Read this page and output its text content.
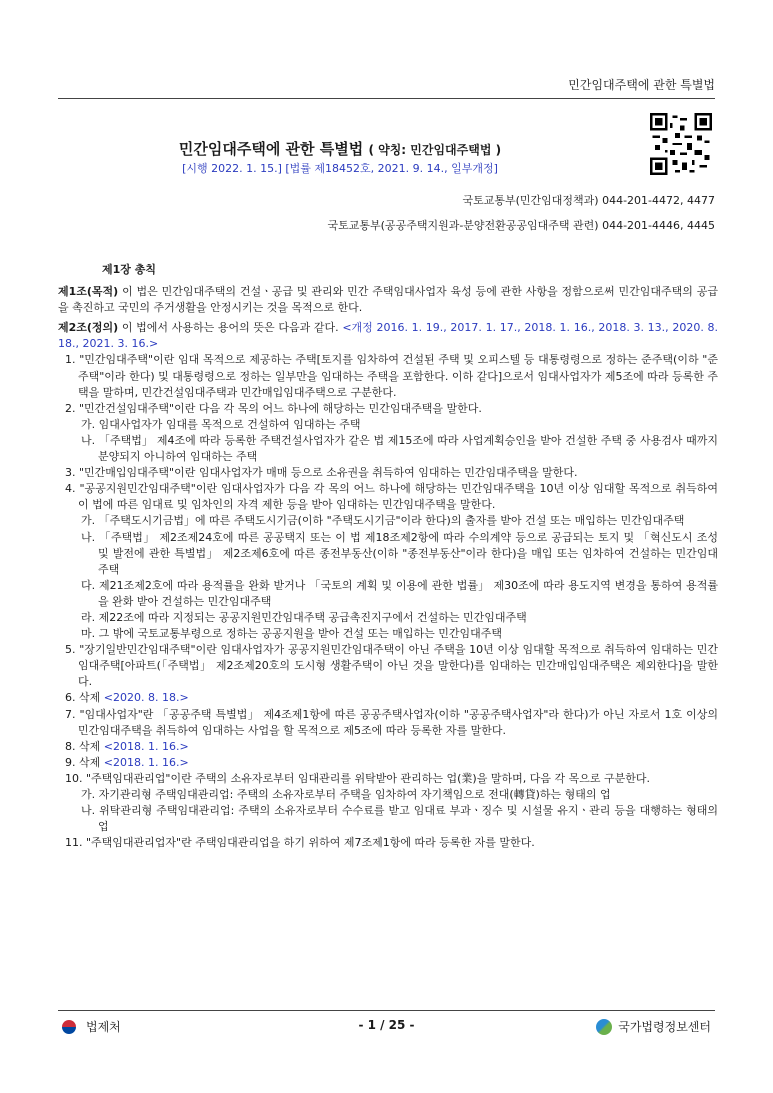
민간임대주택에 관한 특별법
민간임대주택에 관한 특별법 ( 약칭: 민간임대주택법 )
[시행 2022. 1. 15.] [법률 제18452호, 2021. 9. 14., 일부개정]
국토교통부(민간임대정책과) 044-201-4472, 4477
국토교통부(공공주택지원과-분양전환공공임대주택 관련) 044-201-4446, 4445
제1장 총칙

제1조(목적) 이 법은 민간임대주택의 건설ㆍ공급 및 관리와 민간 주택임대사업자 육성 등에 관한 사항을 정함으로써 민간임대주택의 공급을 촉진하고 국민의 주거생활을 안정시키는 것을 목적으로 한다.

제2조(정의) 이 법에서 사용하는 용어의 뜻은 다음과 같다. <개정 2016. 1. 19., 2017. 1. 17., 2018. 1. 16., 2018. 3. 13., 2020. 8. 18., 2021. 3. 16.>

1. "민간임대주택"이란 임대 목적으로 제공하는 주택[토지를 임차하여 건설된 주택 및 오피스텔 등 대통령령으로 정하는 준주택(이하 "준주택"이라 한다) 및 대통령령으로 정하는 일부만을 임대하는 주택을 포함한다. 이하 같다]으로서 임대사업자가 제5조에 따라 등록한 주택을 말하며, 민간건설임대주택과 민간매입임대주택으로 구분한다.

2. "민간건설임대주택"이란 다음 각 목의 어느 하나에 해당하는 민간임대주택을 말한다.

가. 임대사업자가 임대를 목적으로 건설하여 임대하는 주택

나. 「주택법」 제4조에 따라 등록한 주택건설사업자가 같은 법 제15조에 따라 사업계획승인을 받아 건설한 주택 중 사용검사 때까지 분양되지 아니하여 임대하는 주택

3. "민간매입임대주택"이란 임대사업자가 매매 등으로 소유권을 취득하여 임대하는 민간임대주택을 말한다.

4. "공공지원민간임대주택"이란 임대사업자가 다음 각 목의 어느 하나에 해당하는 민간임대주택을 10년 이상 임대할 목적으로 취득하여 이 법에 따른 임대료 및 임차인의 자격 제한 등을 받아 임대하는 민간임대주택을 말한다.

가. 「주택도시기금법」에 따른 주택도시기금(이하 "주택도시기금"이라 한다)의 출자를 받아 건설 또는 매입하는 민간임대주택

나. 「주택법」 제2조제24호에 따른 공공택지 또는 이 법 제18조제2항에 따라 수의계약 등으로 공급되는 토지 및 「혁신도시 조성 및 발전에 관한 특별법」 제2조제6호에 따른 종전부동산(이하 "종전부동산"이라 한다)을 매입 또는 임차하여 건설하는 민간임대주택

다. 제21조제2호에 따라 용적률을 완화 받거나 「국토의 계획 및 이용에 관한 법률」 제30조에 따라 용도지역 변경을 통하여 용적률을 완화 받아 건설하는 민간임대주택

라. 제22조에 따라 지정되는 공공지원민간임대주택 공급촉진지구에서 건설하는 민간임대주택

마. 그 밖에 국토교통부령으로 정하는 공공지원을 받아 건설 또는 매입하는 민간임대주택

5. "장기일반민간임대주택"이란 임대사업자가 공공지원민간임대주택이 아닌 주택을 10년 이상 임대할 목적으로 취득하여 임대하는 민간임대주택[아파트(「주택법」 제2조제20호의 도시형 생활주택이 아닌 것을 말한다)를 임대하는 민간매입임대주택은 제외한다]을 말한다.

6. 삭제 <2020. 8. 18.>

7. "임대사업자"란 「공공주택 특별법」 제4조제1항에 따른 공공주택사업자(이하 "공공주택사업자"라 한다)가 아닌 자로서 1호 이상의 민간임대주택을 취득하여 임대하는 사업을 할 목적으로 제5조에 따라 등록한 자를 말한다.

8. 삭제 <2018. 1. 16.>

9. 삭제 <2018. 1. 16.>

10. "주택임대관리업"이란 주택의 소유자로부터 임대관리를 위탁받아 관리하는 업(業)을 말하며, 다음 각 목으로 구분한다.

가. 자기관리형 주택임대관리업: 주택의 소유자로부터 주택을 임차하여 자기책임으로 전대(轉貸)하는 형태의 업

나. 위탁관리형 주택임대관리업: 주택의 소유자로부터 수수료를 받고 임대료 부과ㆍ징수 및 시설물 유지ㆍ관리 등을 대행하는 형태의 업

11. "주택임대관리업자"란 주택임대관리업을 하기 위하여 제7조제1항에 따라 등록한 자를 말한다.

법제처	- 1 / 25 -	국가법령정보센터
